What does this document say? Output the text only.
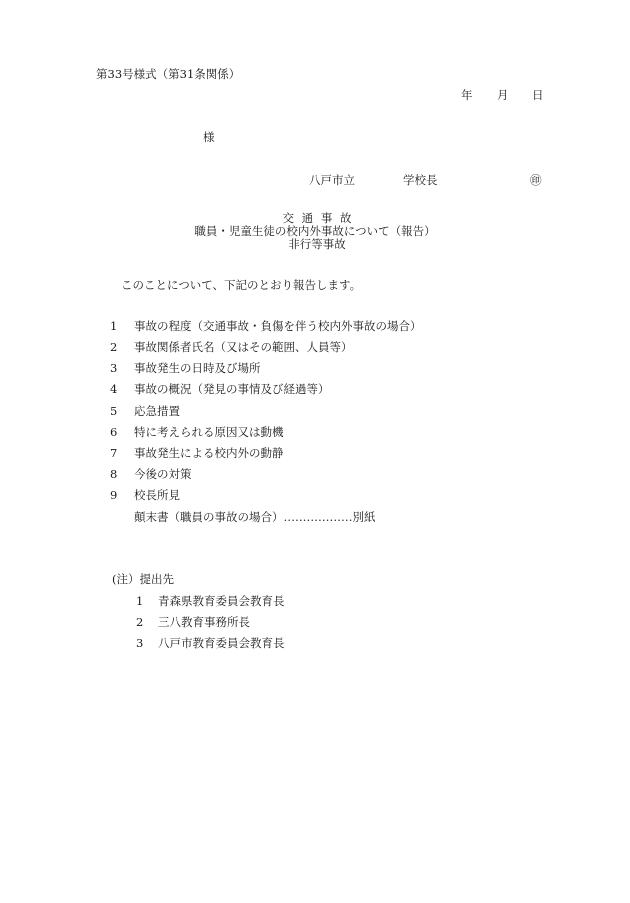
第33号様式（第31条関係）
年 月 日
様
八戸市立	学校長	㊞
交 通 事 故
職員・児童生徒の校内外事故について（報告）
非行等事故
このことについて、下記のとおり報告します。
1 事故の程度（交通事故・負傷を伴う校内外事故の場合）
2 事故関係者氏名（又はその範囲、人員等）
3 事故発生の日時及び場所
4 事故の概況（発見の事情及び経過等）
5 応急措置
6 特に考えられる原因又は動機
7 事故発生による校内外の動静
8 今後の対策
9 校長所見
顛末書（職員の事故の場合）………………別紙
(注）提出先
1 青森県教育委員会教育長
2 三八教育事務所長
3 八戸市教育委員会教育長
